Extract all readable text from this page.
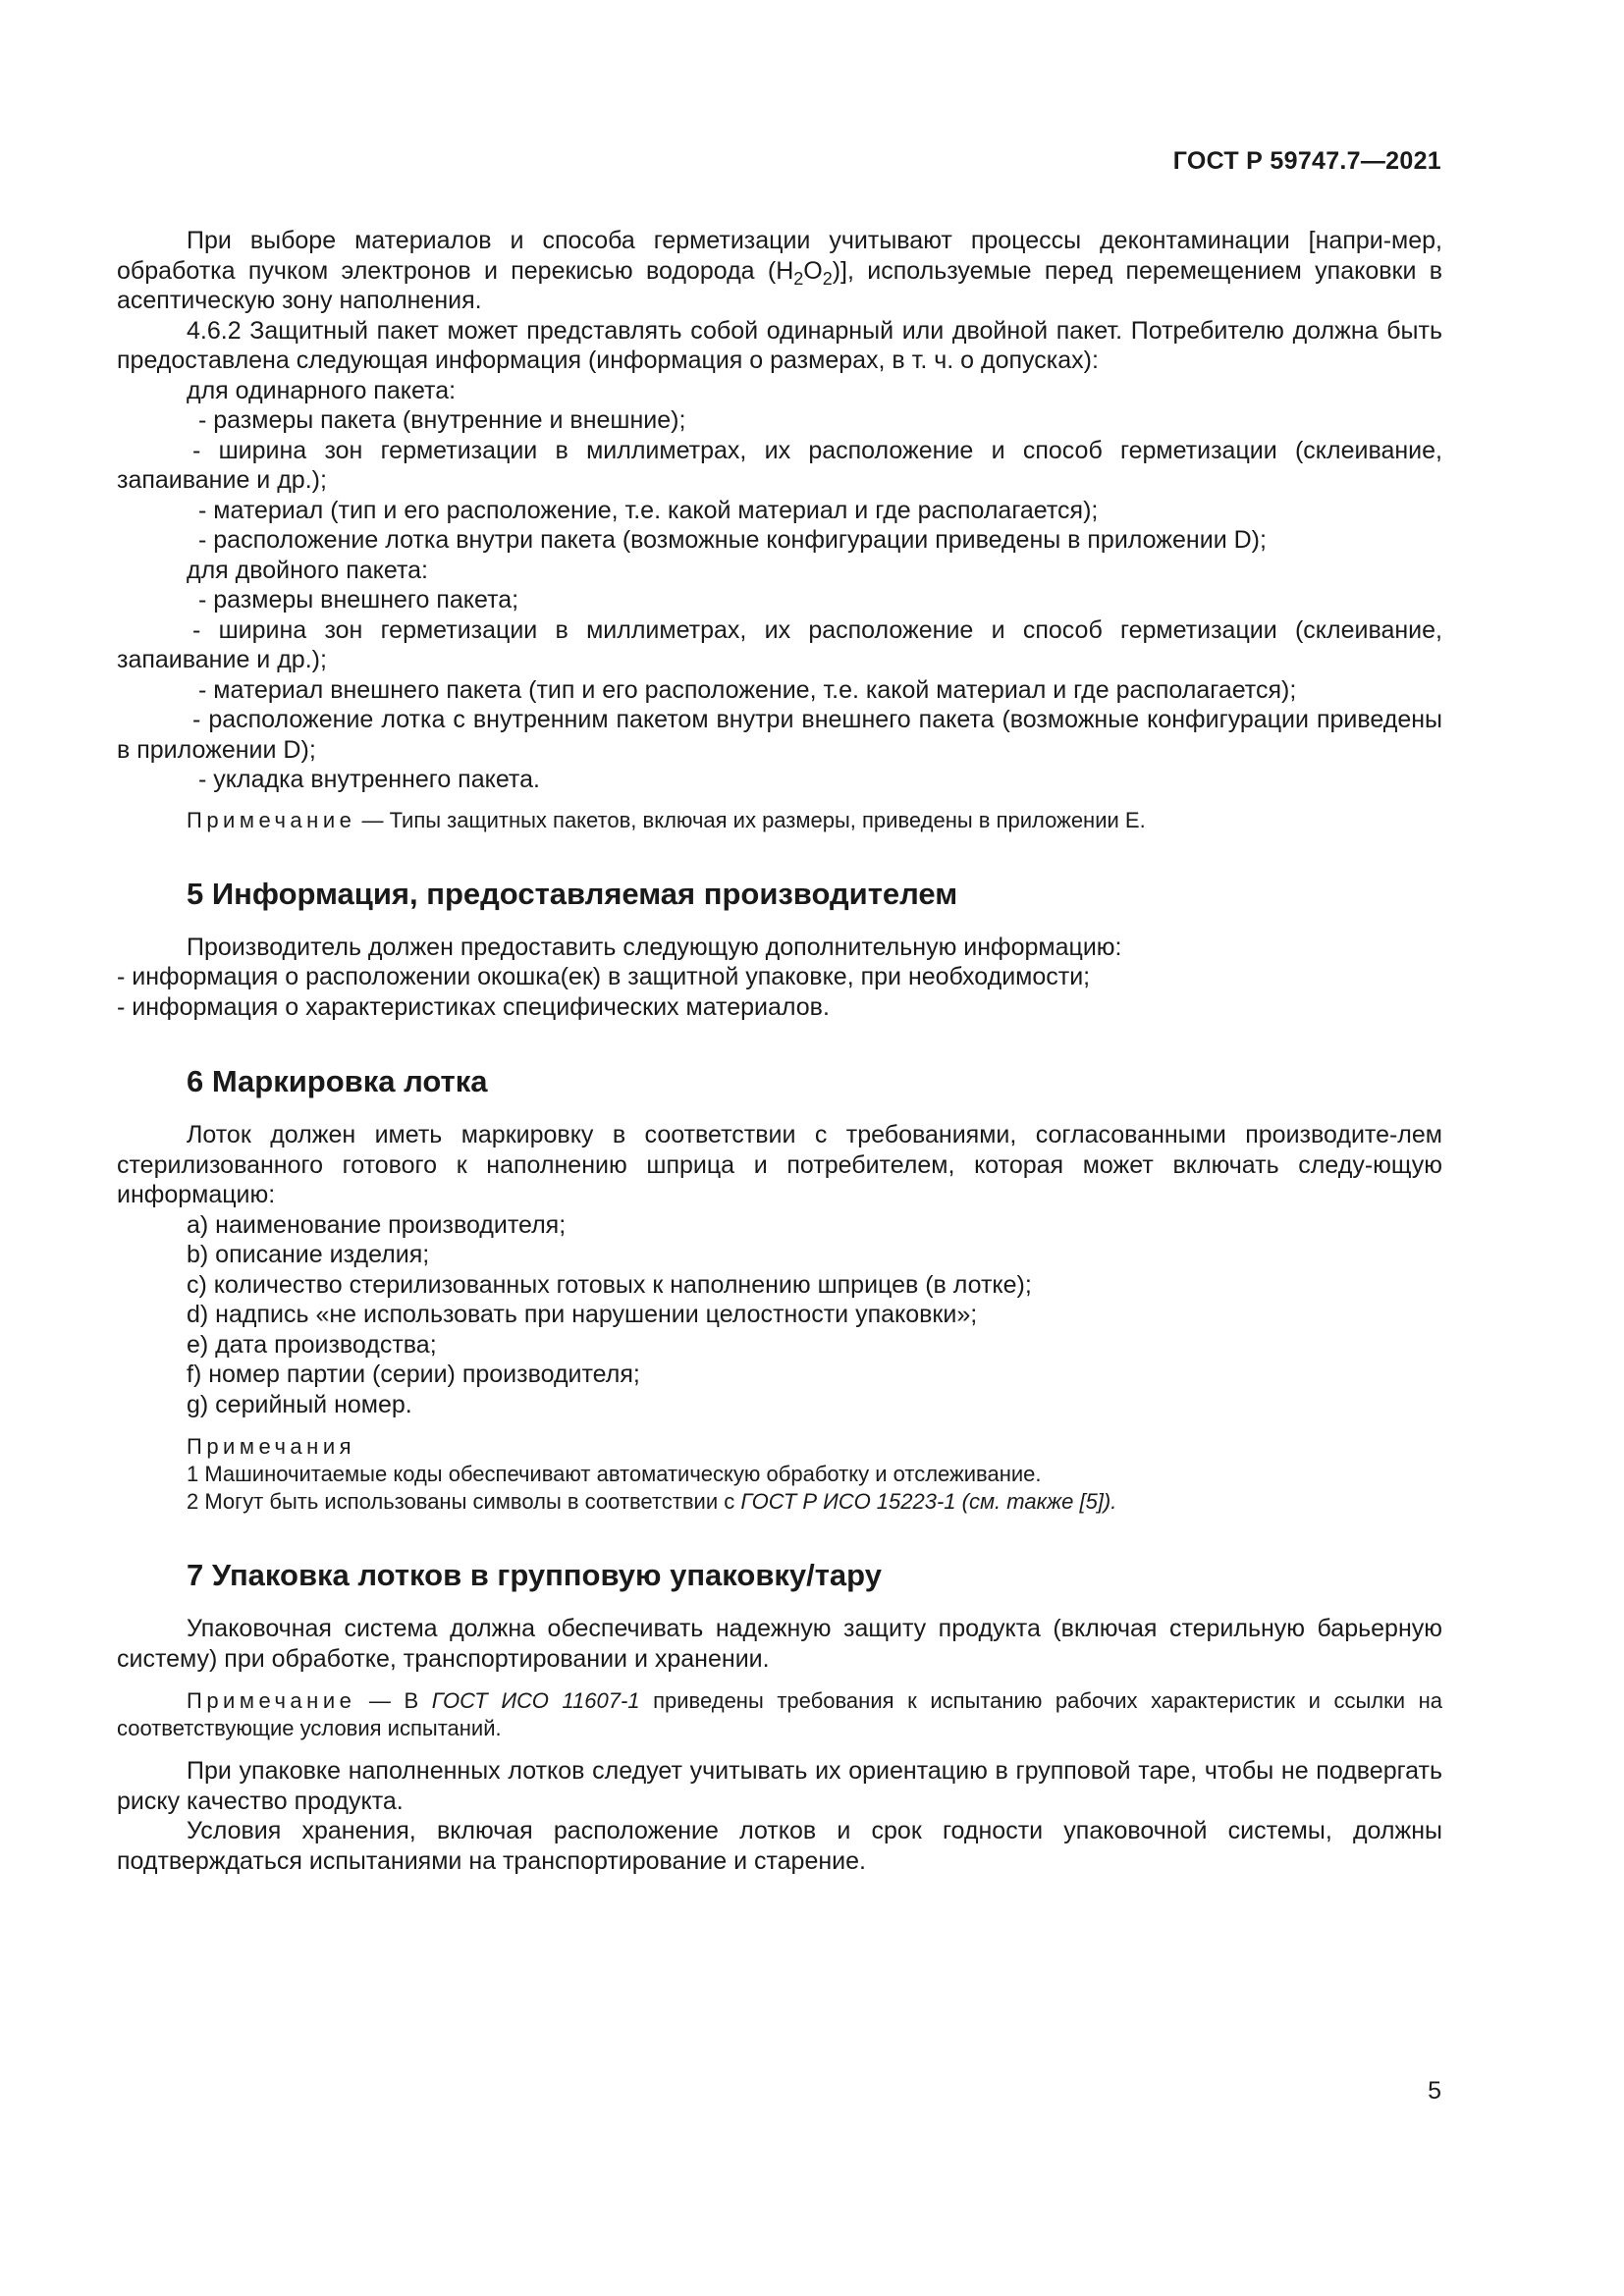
ГОСТ Р 59747.7—2021

При выборе материалов и способа герметизации учитывают процессы деконтаминации [напри-мер, обработка пучком электронов и перекисью водорода $(H_2O_2)$], используемые перед перемещением упаковки в асептическую зону наполнения.

4.6.2 Защитный пакет может представлять собой одинарный или двойной пакет. Потребителю должна быть предоставлена следующая информация (информация о размерах, в т. ч. о допусках):

для одинарного пакета:

- размеры пакета (внутренние и внешние);

- ширина зон герметизации в миллиметрах, их расположение и способ герметизации (склеивание, запаивание и др.);

- материал (тип и его расположение, т.е. какой материал и где располагается);

- расположение лотка внутри пакета (возможные конфигурации приведены в приложении D);

для двойного пакета:

- размеры внешнего пакета;

- ширина зон герметизации в миллиметрах, их расположение и способ герметизации (склеивание, запаивание и др.);

- материал внешнего пакета (тип и его расположение, т.е. какой материал и где располагается);

- расположение лотка с внутренним пакетом внутри внешнего пакета (возможные конфигурации приведены в приложении D);

- укладка внутреннего пакета.

Примечание — Типы защитных пакетов, включая их размеры, приведены в приложении Е.

5 Информация, предоставляемая производителем

Производитель должен предоставить следующую дополнительную информацию:

- информация о расположении окошка(ек) в защитной упаковке, при необходимости;

- информация о характеристиках специфических материалов.

6 Маркировка лотка

Лоток должен иметь маркировку в соответствии с требованиями, согласованными производите-лем стерилизованного готового к наполнению шприца и потребителем, которая может включать следу-ющую информацию:

a) наименование производителя;

b) описание изделия;

c) количество стерилизованных готовых к наполнению шприцев (в лотке);

d) надпись «не использовать при нарушении целостности упаковки»;

e) дата производства;

f) номер партии (серии) производителя;

g) серийный номер.

Примечания

1 Машиночитаемые коды обеспечивают автоматическую обработку и отслеживание.

2 Могут быть использованы символы в соответствии с ГОСТ Р ИСО 15223-1 (см. также [5]).

7 Упаковка лотков в групповую упаковку/тару

Упаковочная система должна обеспечивать надежную защиту продукта (включая стерильную барьерную систему) при обработке, транспортировании и хранении.

Примечание — В ГОСТ ИСО 11607-1 приведены требования к испытанию рабочих характеристик и ссылки на соответствующие условия испытаний.

При упаковке наполненных лотков следует учитывать их ориентацию в групповой таре, чтобы не подвергать риску качество продукта.

Условия хранения, включая расположение лотков и срок годности упаковочной системы, должны подтверждаться испытаниями на транспортирование и старение.

5
